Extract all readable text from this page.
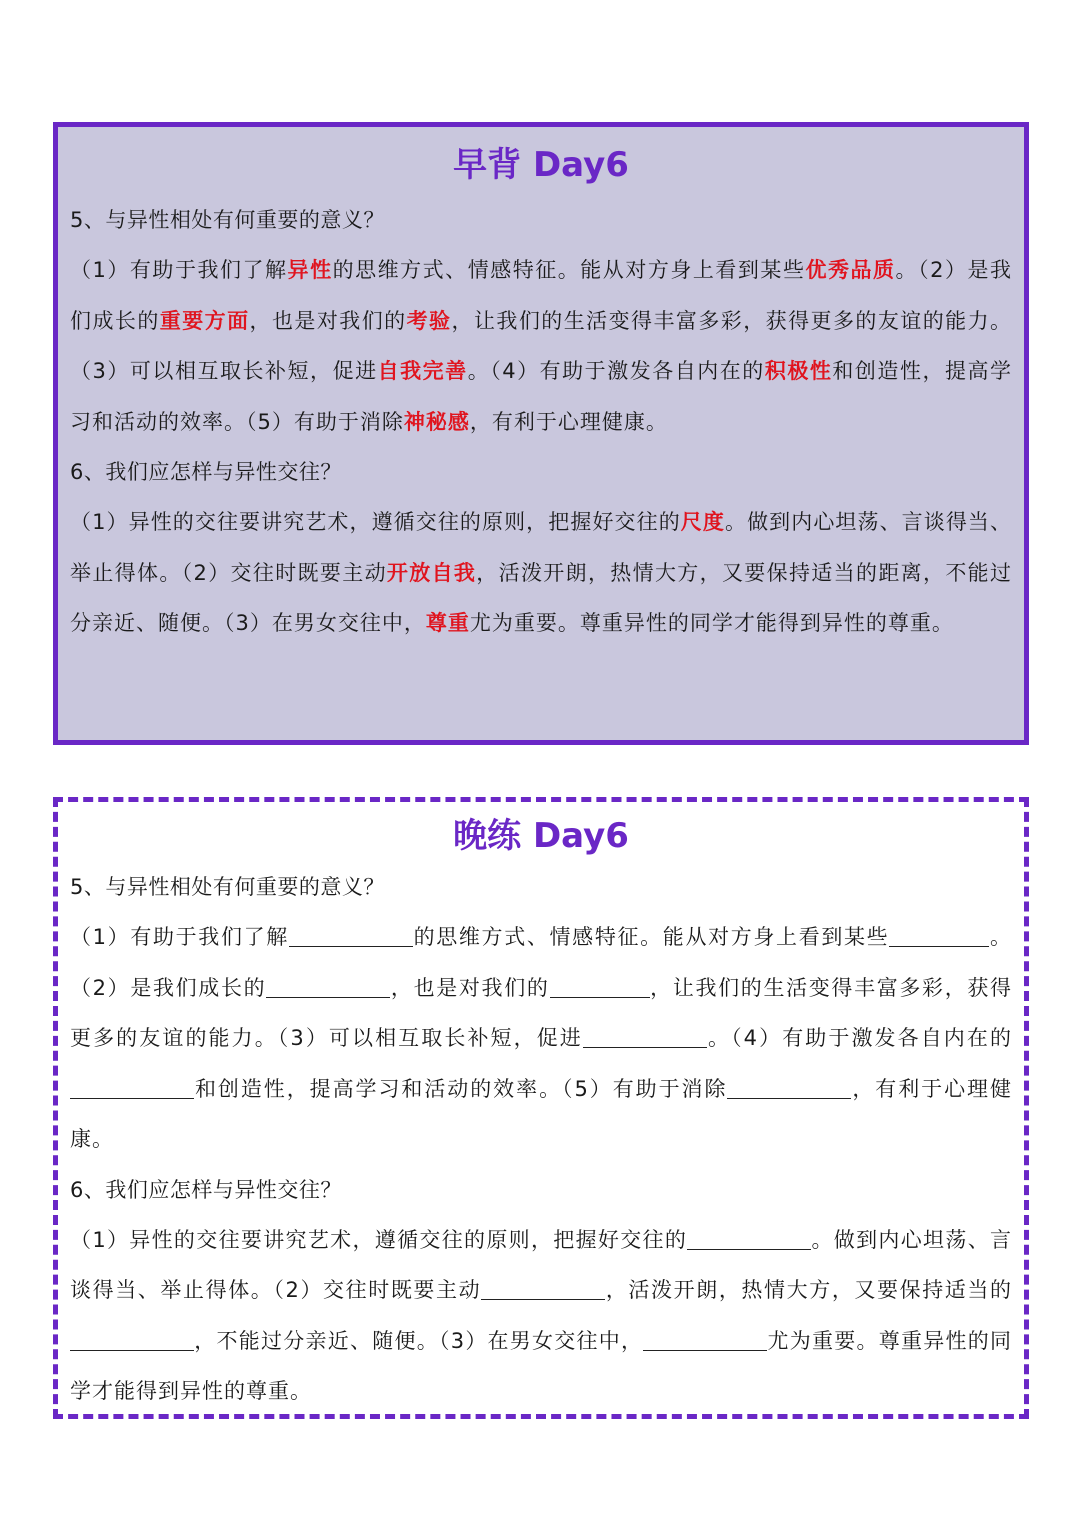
早背 Day6

5、与异性相处有何重要的意义？

（1）有助于我们了解异性的思维方式、情感特征。能从对方身上看到某些优秀品质。（2）是我们成长的重要方面，也是对我们的考验，让我们的生活变得丰富多彩，获得更多的友谊的能力。（3）可以相互取长补短，促进自我完善。（4）有助于激发各自内在的积极性和创造性，提高学习和活动的效率。（5）有助于消除神秘感，有利于心理健康。

6、我们应怎样与异性交往？

（1）异性的交往要讲究艺术，遵循交往的原则，把握好交往的尺度。做到内心坦荡、言谈得当、举止得体。（2）交往时既要主动开放自我，活泼开朗，热情大方，又要保持适当的距离，不能过分亲近、随便。（3）在男女交往中，尊重尤为重要。尊重异性的同学才能得到异性的尊重。

晚练 Day6

5、与异性相处有何重要的意义？

（1）有助于我们了解	的思维方式、情感特征。能从对方身上看到某些	。（2）是我们成长的	，也是对我们的	，让我们的生活变得丰富多彩，获得更多的友谊的能力。（3）可以相互取长补短，促进	。（4）有助于激发各自内在的和创造性，提高学习和活动的效率。（5）有助于消除	，有利于心理健康。

6、我们应怎样与异性交往？

（1）异性的交往要讲究艺术，遵循交往的原则，把握好交往的	。做到内心坦荡、言谈得当、举止得体。（2）交往时既要主动	，活泼开朗，热情大方，又要保持适当的，不能过分亲近、随便。（3）在男女交往中，	尤为重要。尊重异性的同学才能得到异性的尊重。
